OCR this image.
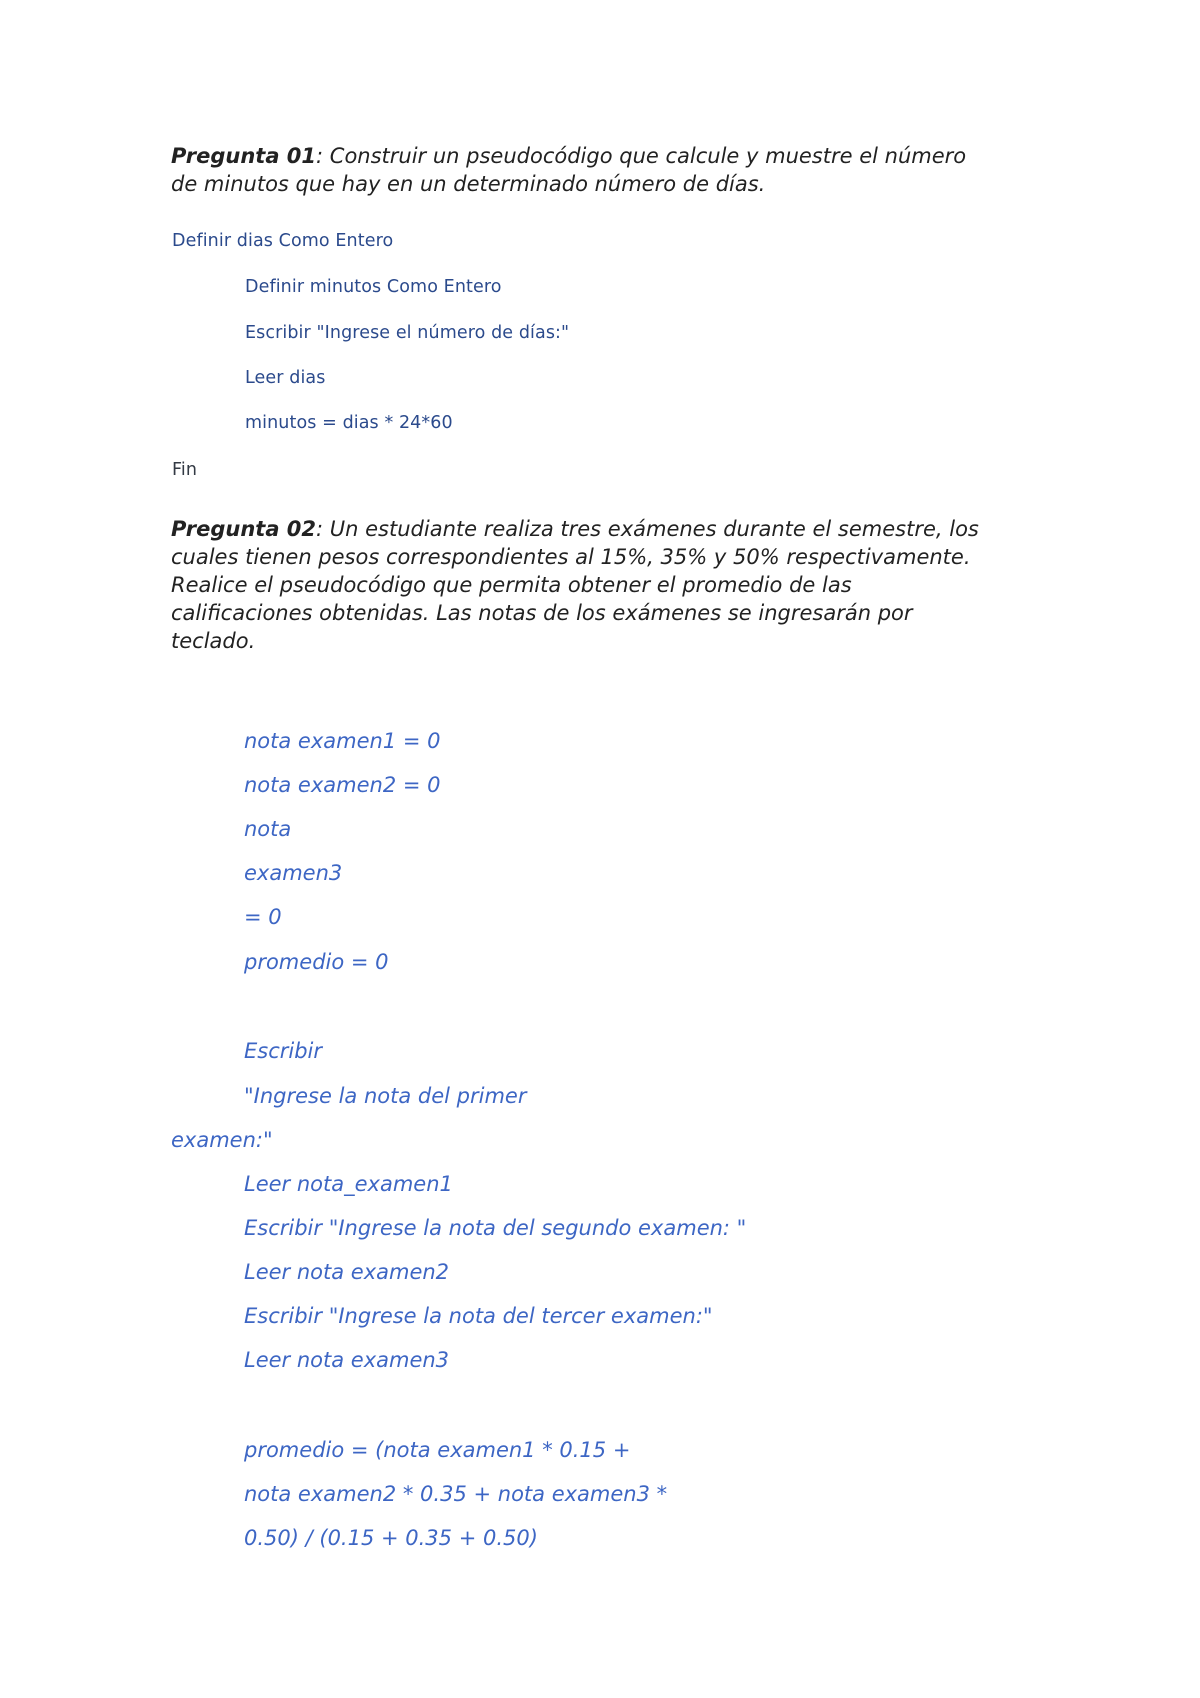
Pregunta 01: Construir un pseudocódigo que calcule y muestre el número
de minutos que hay en un determinado número de días.
Definir dias Como Entero
Definir minutos Como Entero
Escribir "Ingrese el número de días:"
Leer dias
minutos = dias * 24*60
Fin
Pregunta 02: Un estudiante realiza tres exámenes durante el semestre, los
cuales tienen pesos correspondientes al 15%, 35% y 50% respectivamente.
Realice el pseudocódigo que permita obtener el promedio de las
calificaciones obtenidas. Las notas de los exámenes se ingresarán por
teclado.
nota examen1 = 0
nota examen2 = 0
nota
examen3
= 0
promedio = 0
Escribir
"Ingrese la nota del primer
examen:"
Leer nota_examen1
Escribir "Ingrese la nota del segundo examen: "
Leer nota examen2
Escribir "Ingrese la nota del tercer examen:"
Leer nota examen3
promedio = (nota examen1 * 0.15 +
nota examen2 * 0.35 + nota examen3 *
0.50) / (0.15 + 0.35 + 0.50)
